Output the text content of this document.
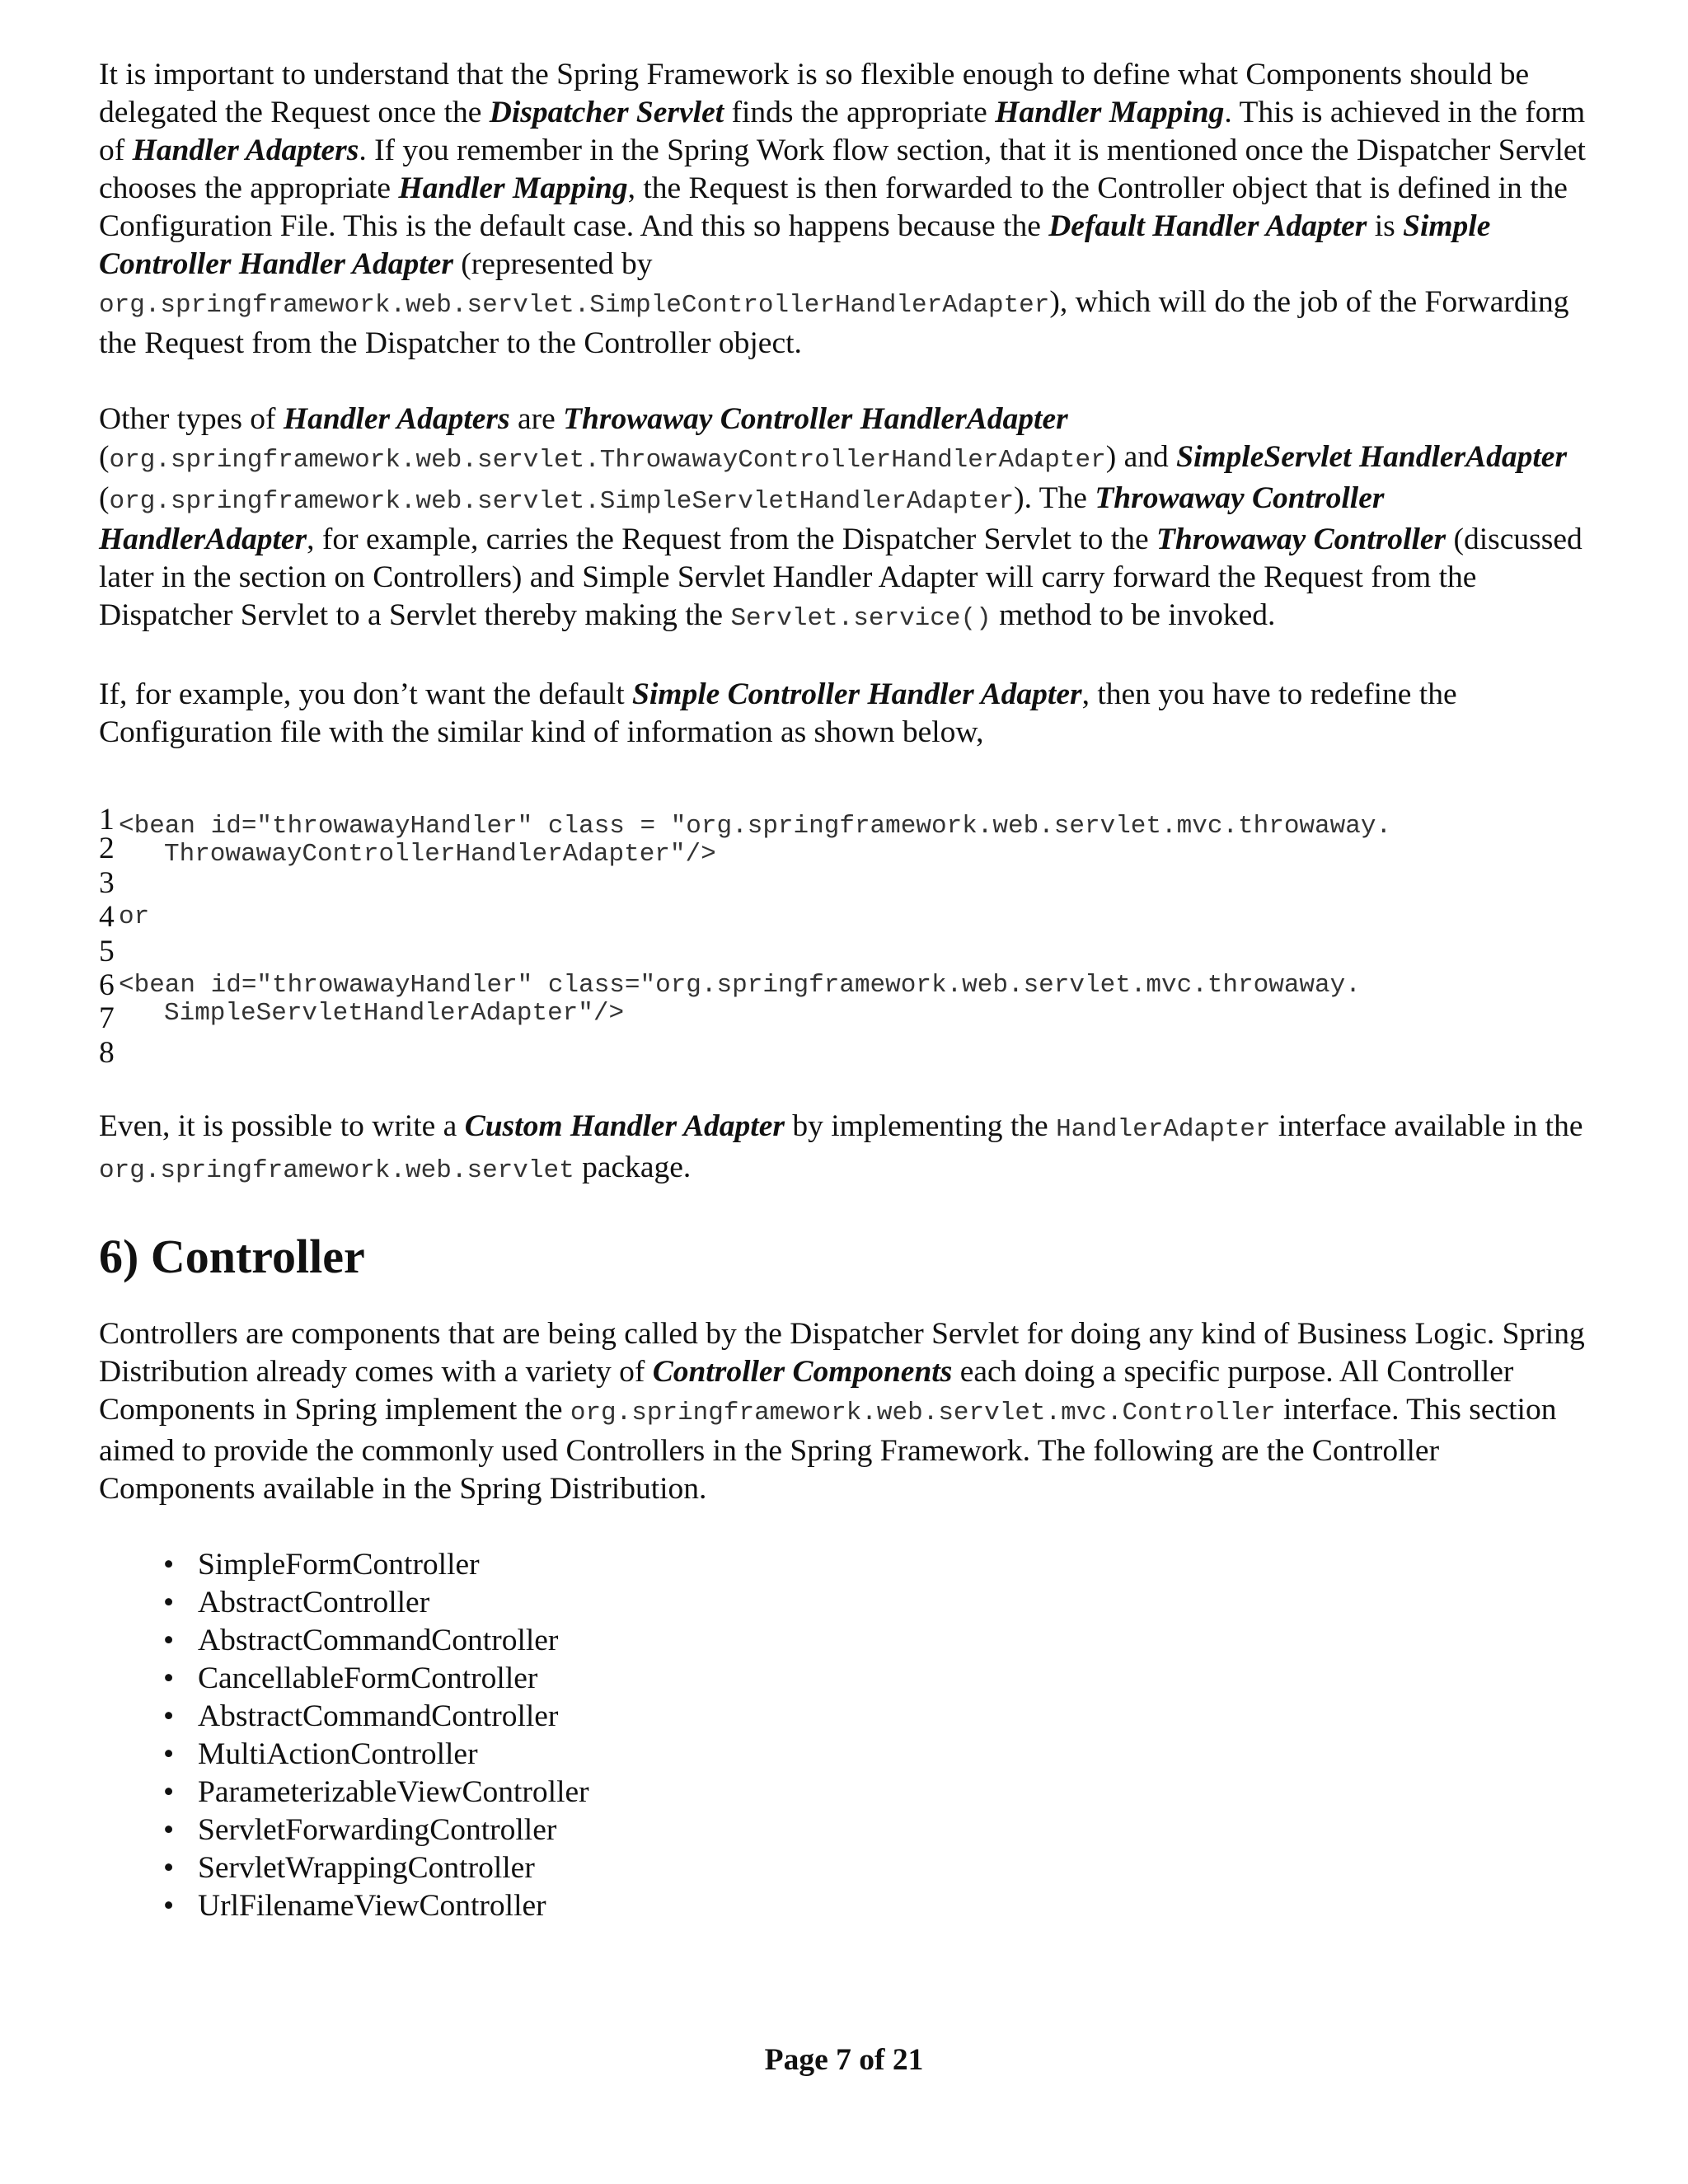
It is important to understand that the Spring Framework is so flexible enough to define what Components should be delegated the Request once the Dispatcher Servlet finds the appropriate Handler Mapping. This is achieved in the form of Handler Adapters. If you remember in the Spring Work flow section, that it is mentioned once the Dispatcher Servlet chooses the appropriate Handler Mapping, the Request is then forwarded to the Controller object that is defined in the Configuration File. This is the default case. And this so happens because the Default Handler Adapter is Simple Controller Handler Adapter (represented by org.springframework.web.servlet.SimpleControllerHandlerAdapter), which will do the job of the Forwarding the Request from the Dispatcher to the Controller object.

Other types of Handler Adapters are Throwaway Controller HandlerAdapter (org.springframework.web.servlet.ThrowawayControllerHandlerAdapter) and SimpleServlet HandlerAdapter (org.springframework.web.servlet.SimpleServletHandlerAdapter). The Throwaway Controller HandlerAdapter, for example, carries the Request from the Dispatcher Servlet to the Throwaway Controller (discussed later in the section on Controllers) and Simple Servlet Handler Adapter will carry forward the Request from the Dispatcher Servlet to a Servlet thereby making the Servlet.service() method to be invoked.

If, for example, you don’t want the default Simple Controller Handler Adapter, then you have to redefine the Configuration file with the similar kind of information as shown below,

1 <bean id="throwawayHandler" class = "org.springframework.web.servlet.mvc.throwaway.
ThrowawayControllerHandlerAdapter"/>
2
3
4 or
5
6 <bean id="throwawayHandler" class="org.springframework.web.servlet.mvc.throwaway.
SimpleServletHandlerAdapter"/>
7
8

Even, it is possible to write a Custom Handler Adapter by implementing the HandlerAdapter interface available in the org.springframework.web.servlet package.

6) Controller

Controllers are components that are being called by the Dispatcher Servlet for doing any kind of Business Logic. Spring Distribution already comes with a variety of Controller Components each doing a specific purpose. All Controller Components in Spring implement the org.springframework.web.servlet.mvc.Controller interface. This section aimed to provide the commonly used Controllers in the Spring Framework. The following are the Controller Components available in the Spring Distribution.

• SimpleFormController
• AbstractController
• AbstractCommandController
• CancellableFormController
• AbstractCommandController
• MultiActionController
• ParameterizableViewController
• ServletForwardingController
• ServletWrappingController
• UrlFilenameViewController
Page 7 of 21
